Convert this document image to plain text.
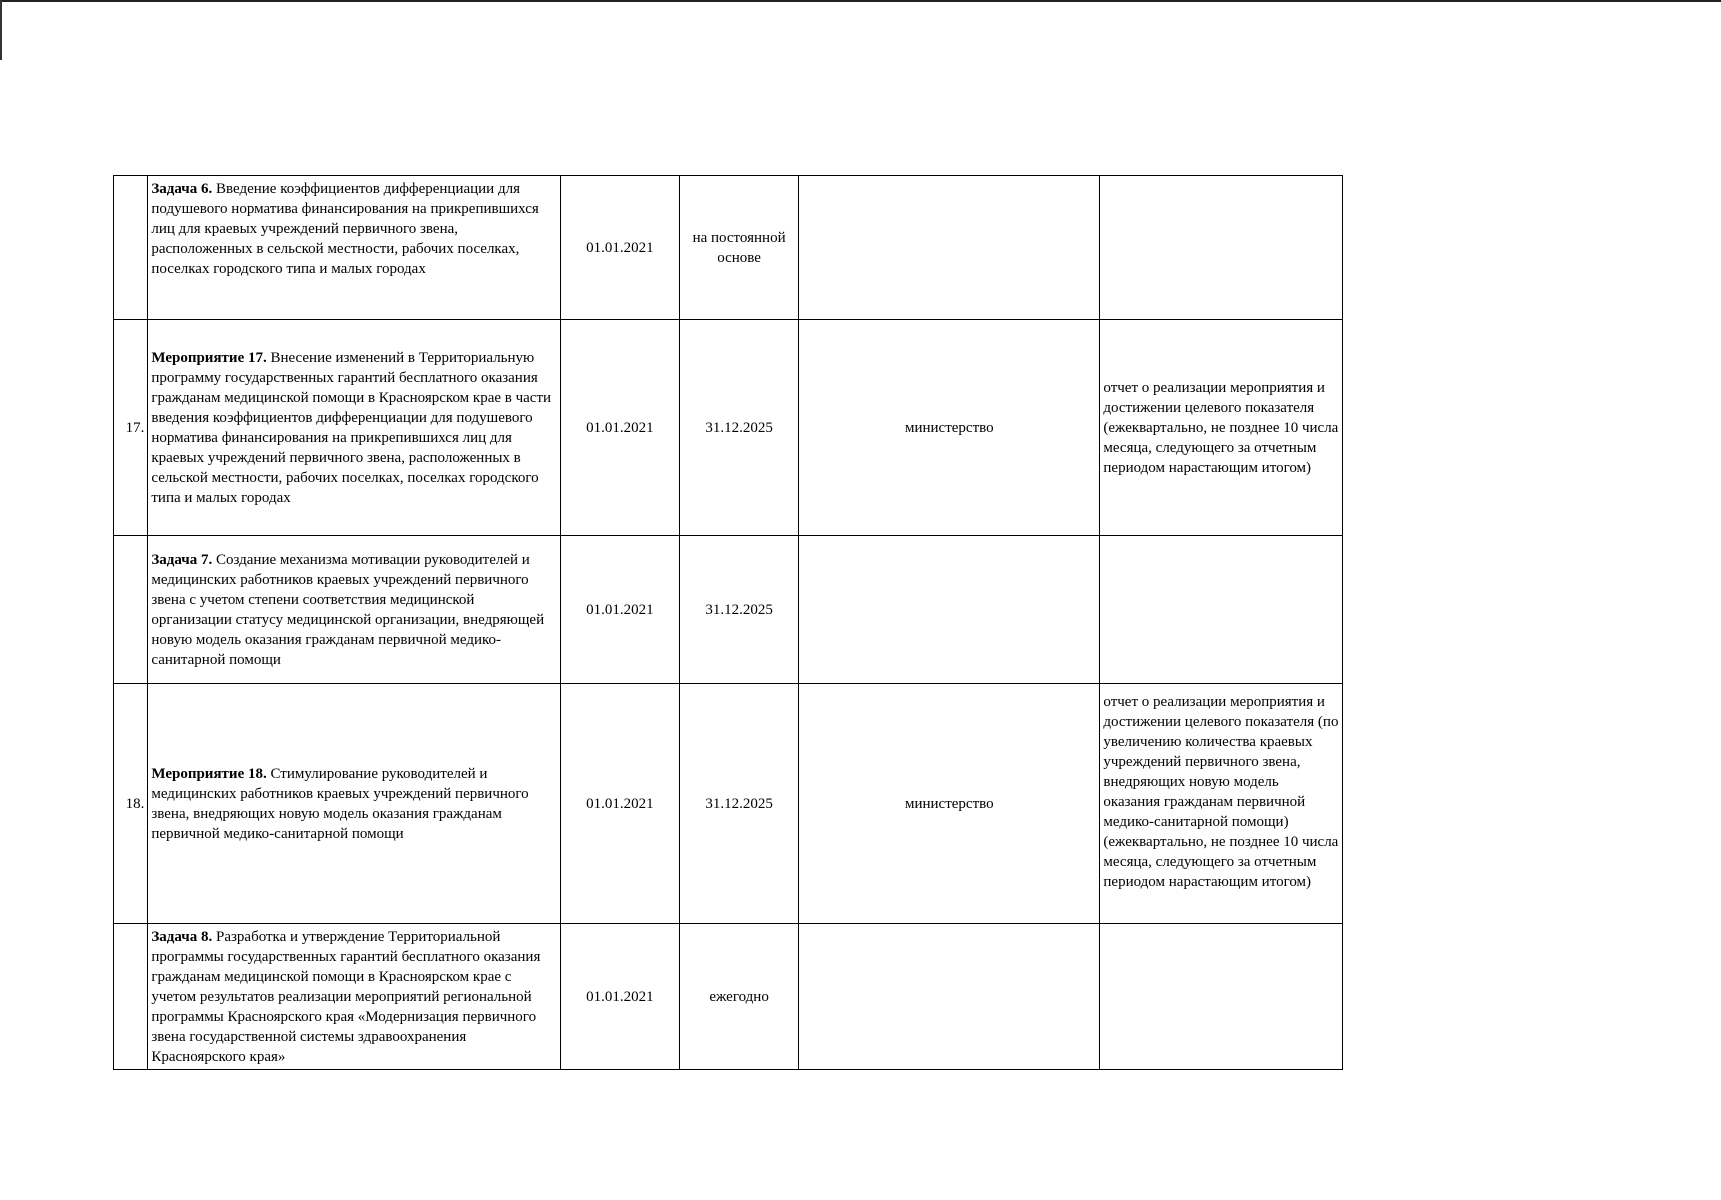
	Задача 6. Введение коэффициентов дифференциации для подушевого норматива финансирования на прикрепившихся лиц для краевых учреждений первичного звена, расположенных в сельской местности, рабочих поселках, поселках городского типа и малых городах	01.01.2021	на постоянной основе		
17.	Мероприятие 17. Внесение изменений в Территориальную программу государственных гарантий бесплатного оказания гражданам медицинской помощи в Красноярском крае в части введения коэффициентов дифференциации для подушевого норматива финансирования на прикрепившихся лиц для краевых учреждений первичного звена, расположенных в сельской местности, рабочих поселках, поселках городского типа и малых городах	01.01.2021	31.12.2025	министерство	отчет о реализации мероприятия и достижении целевого показателя (ежеквартально, не позднее 10 числа месяца, следующего за отчетным периодом нарастающим итогом)
	Задача 7. Создание механизма мотивации руководителей и медицинских работников краевых учреждений первичного звена с учетом степени соответствия медицинской организации статусу медицинской организации, внедряющей новую модель оказания гражданам первичной медико-санитарной помощи	01.01.2021	31.12.2025		
18.	Мероприятие 18. Стимулирование руководителей и медицинских работников краевых учреждений первичного звена, внедряющих новую модель оказания гражданам первичной медико-санитарной помощи	01.01.2021	31.12.2025	министерство	отчет о реализации мероприятия и достижении целевого показателя (по увеличению количества краевых учреждений первичного звена, внедряющих новую модель оказания гражданам первичной медико-санитарной помощи) (ежеквартально, не позднее 10 числа месяца, следующего за отчетным периодом нарастающим итогом)
	Задача 8. Разработка и утверждение Территориальной программы государственных гарантий бесплатного оказания гражданам медицинской помощи в Красноярском крае с учетом результатов реализации мероприятий региональной программы Красноярского края «Модернизация первичного звена государственной системы здравоохранения Красноярского края»	01.01.2021	ежегодно		
